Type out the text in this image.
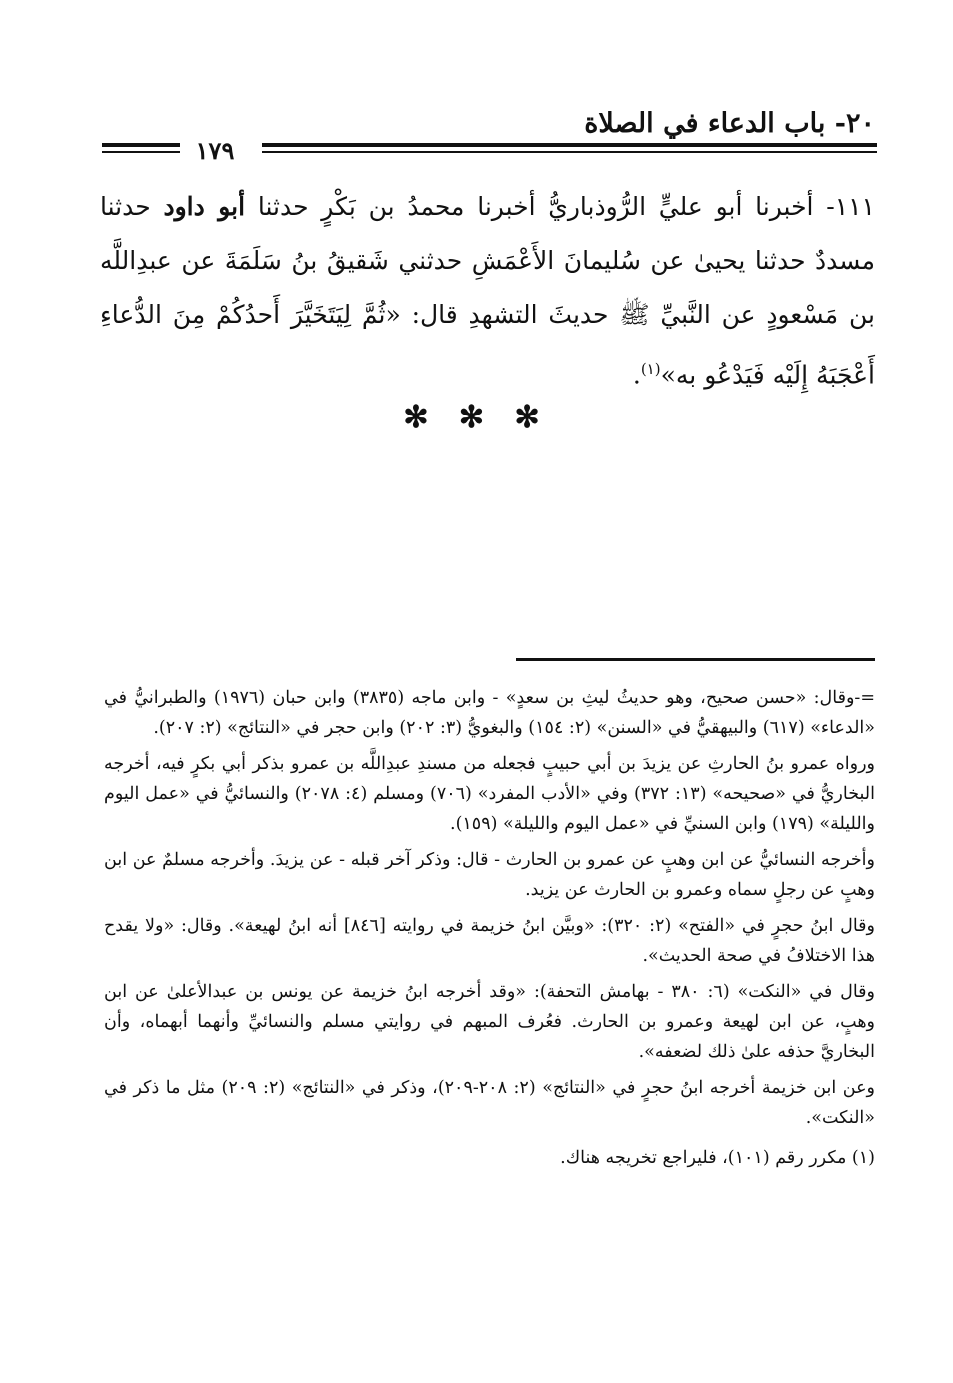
٢٠- باب الدعاء في الصلاة
١٧٩
١١١- أخبرنا أبو عليٍّ الرُّوذباريُّ أخبرنا محمدُ بن بَكْرٍ حدثنا أبو داود حدثنا مسددٌ حدثنا يحيىٰ عن سُليمانَ الأَعْمَشِ حدثني شَقيقُ بنُ سَلَمَةَ عن عبدِاللَّه بن مَسْعودٍ عن النَّبيِّ ﷺ حديثَ التشهدِ قال: «ثُمَّ لِيَتَخَيَّرَ أَحدُكُمْ مِنَ الدُّعاءِ أَعْجَبَهُ إِلَيْه فَيَدْعُو به»$^{(١)}$.
✻ ✻ ✻

=-وقال: «حسن صحيح، وهو حديثُ ليثِ بن سعدٍ» - وابن ماجه (٣٨٣٥) وابن حبان (١٩٧٦) والطبرانيُّ في «الدعاء» (٦١٧) والبيهقيُّ في «السنن» (٢: ١٥٤) والبغويُّ (٣: ٢٠٢) وابن حجر في «النتائج» (٢: ٢٠٧).

ورواه عمرو بنُ الحارثِ عن يزيدَ بن أبي حبيبٍ فجعله من مسندِ عبدِاللَّه بن عمرو بذكر أبي بكرٍ فيه، أخرجه البخاريُّ في «صحيحه» (١٣: ٣٧٢) وفي «الأدب المفرد» (٧٠٦) ومسلم (٤: ٢٠٧٨) والنسائيُّ في «عمل اليوم والليلة» (١٧٩) وابن السنيِّ في «عمل اليوم والليلة» (١٥٩).

وأخرجه النسائيُّ عن ابن وهبٍ عن عمرو بن الحارث - قال: وذكر آخر قبله - عن يزيدَ. وأخرجه مسلمٌ عن ابن وهبٍ عن رجلٍ سماه وعمرو بن الحارث عن يزيد.

وقال ابنُ حجرٍ في «الفتح» (٢: ٣٢٠): «وبيَّن ابنُ خزيمة في روايته [٨٤٦] أنه ابنُ لهيعة». وقال: «ولا يقدح هذا الاختلافُ في صحة الحديث».

وقال في «النكت» (٦: ٣٨٠ - بهامش التحفة): «وقد أخرجه ابنُ خزيمة عن يونس بن عبدالأعلىٰ عن ابن وهبٍ، عن ابن لهيعة وعمرو بن الحارث. فعُرف المبهم في روايتي مسلم والنسائيِّ وأنهما أبهماه، وأن البخاريَّ حذفه علىٰ ذلك لضعفه».

وعن ابن خزيمة أخرجه ابنُ حجرٍ في «النتائج» (٢: ٢٠٨-٢٠٩)، وذكر في «النتائج» (٢: ٢٠٩) مثل ما ذكر في «النكت».

(١) مكرر رقم (١٠١)، فليراجع تخريجه هناك.
